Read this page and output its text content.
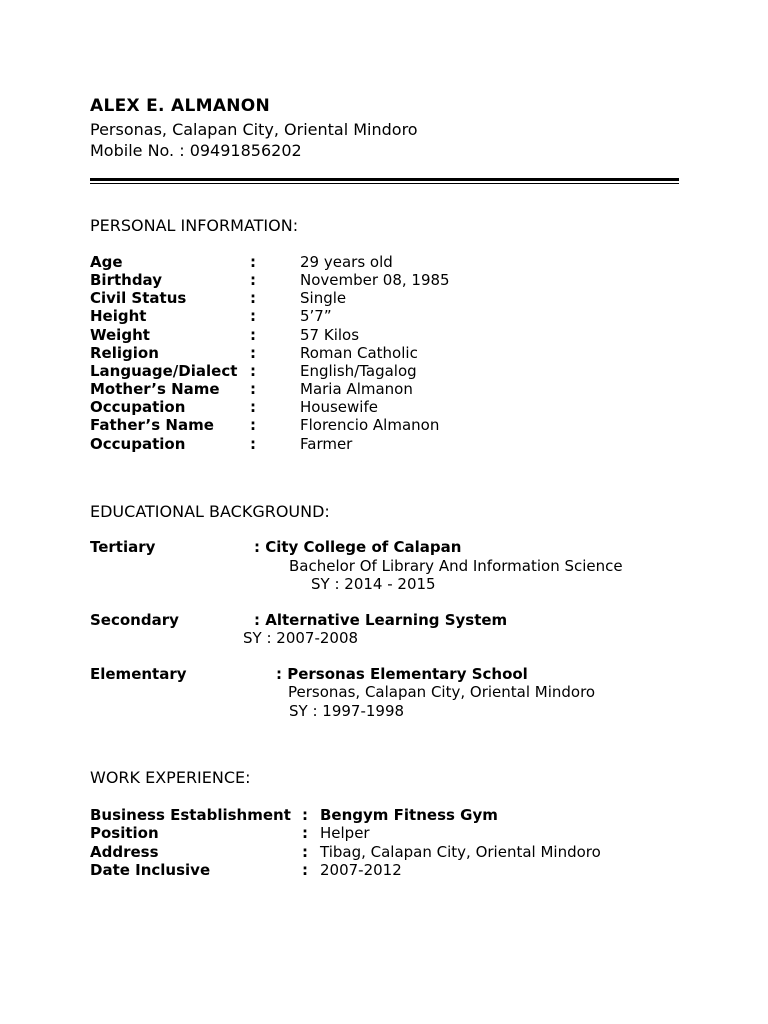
ALEX E. ALMANON
Personas, Calapan City, Oriental Mindoro
Mobile No. : 09491856202
PERSONAL INFORMATION:
Age	:	29 years old
Birthday	:	November 08, 1985
Civil Status	:	Single
Height	:	5’7”
Weight	:	57 Kilos
Religion	:	Roman Catholic
Language/Dialect :	English/Tagalog
Mother’s Name :	Maria Almanon
Occupation	:	Housewife
Father’s Name :	Florencio Almanon
Occupation	:	Farmer
EDUCATIONAL BACKGROUND:
Tertiary	: City College of Calapan
Bachelor Of Library And Information Science
SY : 2014 - 2015
Secondary	: Alternative Learning System
SY : 2007-2008
Elementary	: Personas Elementary School
Personas, Calapan City, Oriental Mindoro
SY : 1997-1998
WORK EXPERIENCE:
Business Establishment : Bengym Fitness Gym
Position	: Helper
Address	: Tibag, Calapan City, Oriental Mindoro
Date Inclusive	: 2007-2012
